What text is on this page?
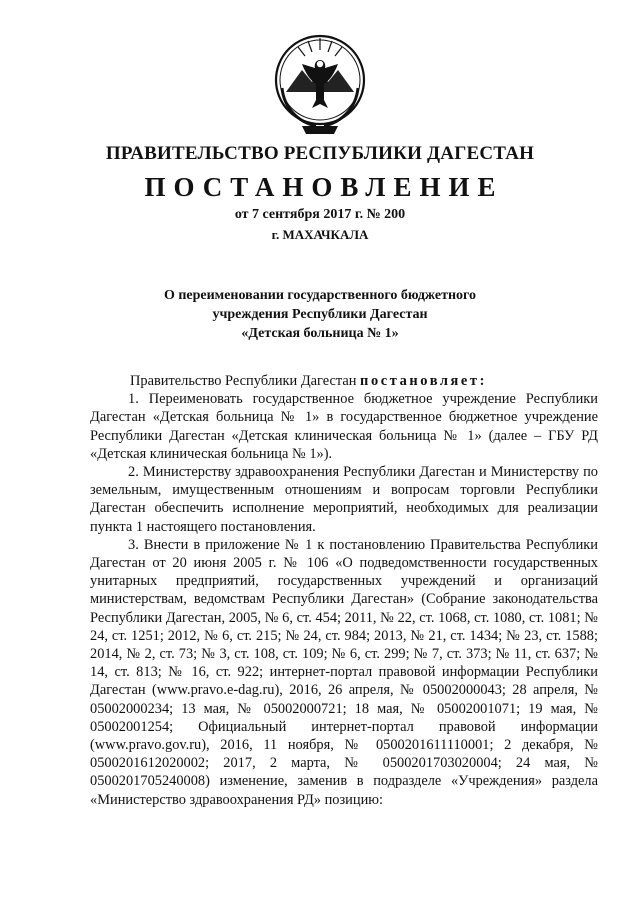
ПРАВИТЕЛЬСТВО РЕСПУБЛИКИ ДАГЕСТАН
ПОСТАНОВЛЕНИЕ
от 7 сентября 2017 г. № 200
г. МАХАЧКАЛА
О переименовании государственного бюджетного
учреждения Республики Дагестан
«Детская больница № 1»

Правительство Республики Дагестан постановляет:

1. Переименовать государственное бюджетное учреждение Республики Дагестан «Детская больница № 1» в государственное бюджетное учреждение Республики Дагестан «Детская клиническая больница № 1» (далее – ГБУ РД «Детская клиническая больница № 1»).

2. Министерству здравоохранения Республики Дагестан и Министерству по земельным, имущественным отношениям и вопросам торговли Республики Дагестан обеспечить исполнение мероприятий, необходимых для реализации пункта 1 настоящего постановления.

3. Внести в приложение № 1 к постановлению Правительства Республики Дагестан от 20 июня 2005 г. № 106 «О подведомственности государственных унитарных предприятий, государственных учреждений и организаций министерствам, ведомствам Республики Дагестан» (Собрание законодательства Республики Дагестан, 2005, № 6, ст. 454; 2011, № 22, ст. 1068, ст. 1080, ст. 1081; № 24, ст. 1251; 2012, № 6, ст. 215; № 24, ст. 984; 2013, № 21, ст. 1434; № 23, ст. 1588; 2014, № 2, ст. 73; № 3, ст. 108, ст. 109; № 6, ст. 299; № 7, ст. 373; № 11, ст. 637; № 14, ст. 813; № 16, ст. 922; интернет-портал правовой информации Республики Дагестан (www.pravo.e-dag.ru), 2016, 26 апреля, № 05002000043; 28 апреля, № 05002000234; 13 мая, № 05002000721; 18 мая, № 05002001071; 19 мая, № 05002001254; Официальный интернет-портал правовой информации (www.pravo.gov.ru), 2016, 11 ноября, № 0500201611110001; 2 декабря, № 0500201612020002; 2017, 2 марта, № 0500201703020004; 24 мая, № 0500201705240008) изменение, заменив в подразделе «Учреждения» раздела «Министерство здравоохранения РД» позицию:
